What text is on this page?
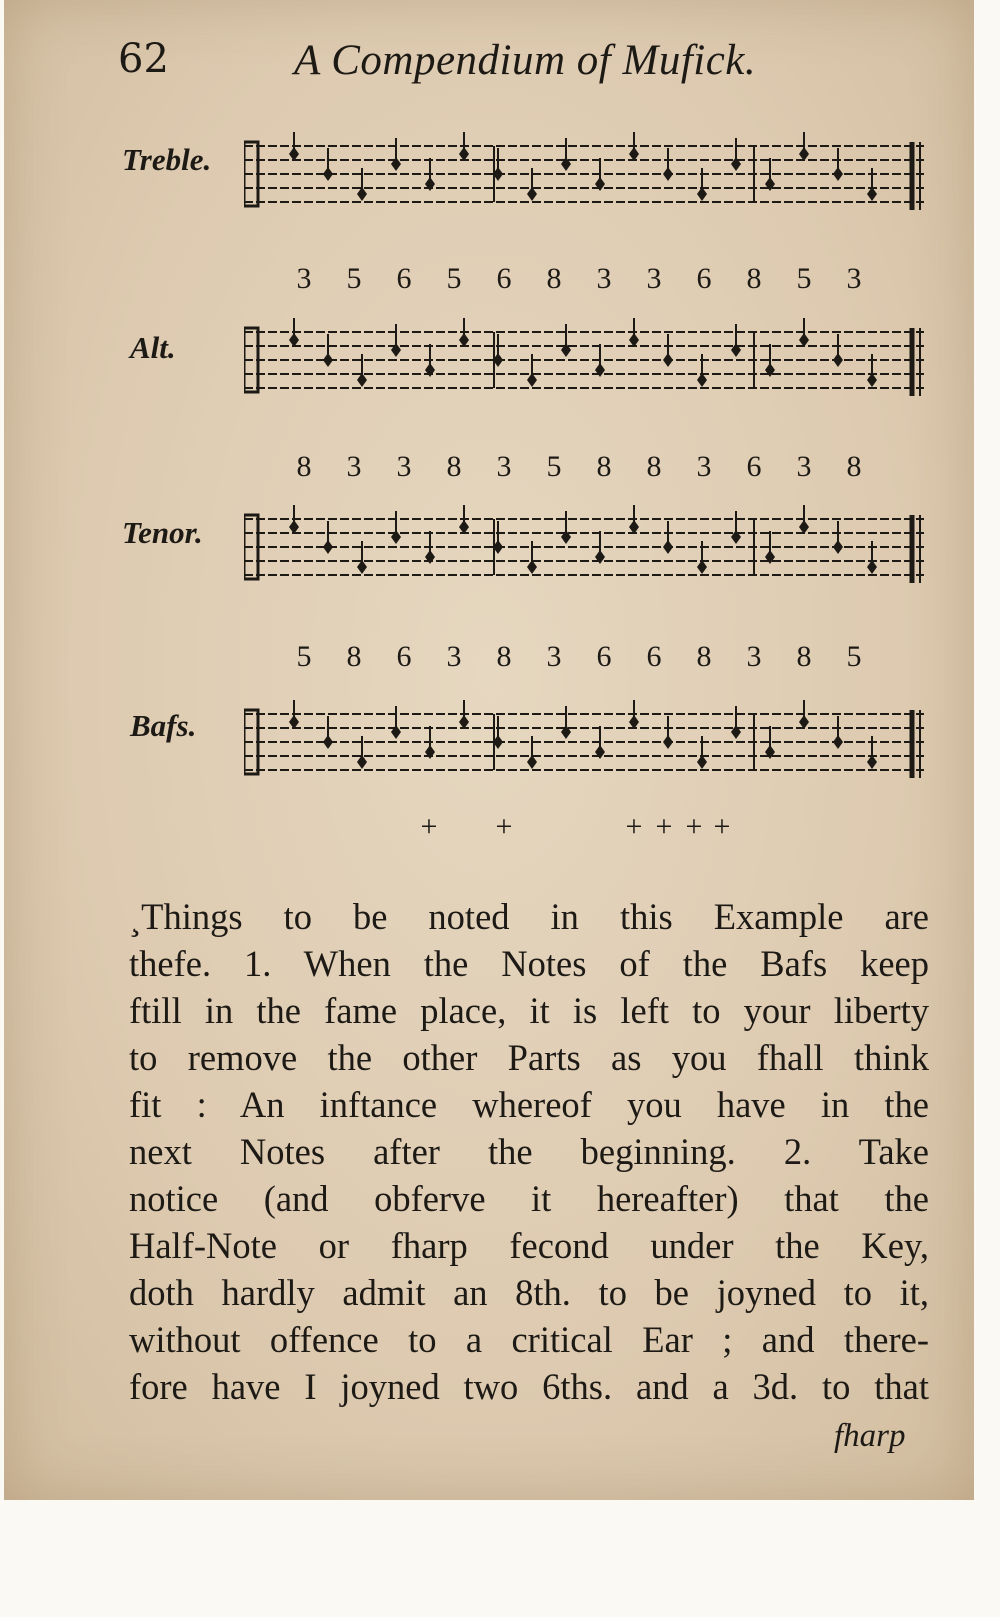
62	A Compendium of Mufick.
Treble.
3 5 6 5 6 8 3 3 6 8 5 3
Alt.
8 3 3 8 3 5 8 8 3 6 3 8
Tenor.
5 8 6 3 8 3 6 6 8 3 8 5
Bafs.
+ +	+ + + +
¸Things to be noted in this Example are
thefe. 1. When the Notes of the Bafs keep
ftill in the fame place, it is left to your liberty
to remove the other Parts as you fhall think
fit : An inftance whereof you have in the
next Notes after the beginning. 2. Take
notice (and obferve it hereafter) that the
Half-Note or fharp fecond under the Key,
doth hardly admit an 8th. to be joyned to it,
without offence to a critical Ear ; and there-
fore have I joyned two 6ths. and a 3d. to that
fharp
